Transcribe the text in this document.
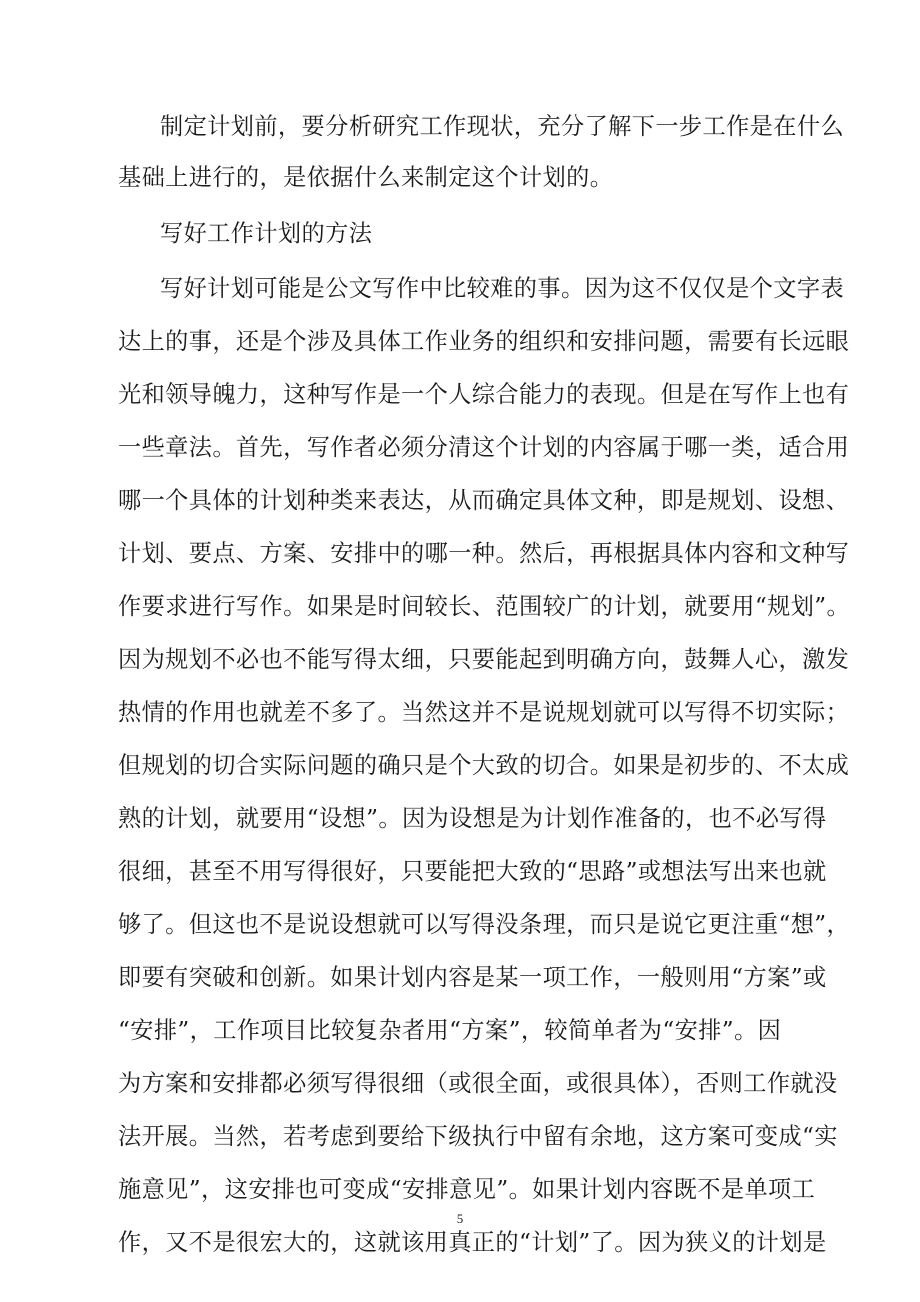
制定计划前，要分析研究工作现状，充分了解下一步工作是在什么
基础上进行的，是依据什么来制定这个计划的。
写好工作计划的方法
写好计划可能是公文写作中比较难的事。因为这不仅仅是个文字表
达上的事，还是个涉及具体工作业务的组织和安排问题，需要有长远眼
光和领导魄力，这种写作是一个人综合能力的表现。但是在写作上也有
一些章法。首先，写作者必须分清这个计划的内容属于哪一类，适合用
哪一个具体的计划种类来表达，从而确定具体文种，即是规划、设想、
计划、要点、方案、安排中的哪一种。然后，再根据具体内容和文种写
作要求进行写作。如果是时间较长、范围较广的计划，就要用“规划”。
因为规划不必也不能写得太细，只要能起到明确方向，鼓舞人心，激发
热情的作用也就差不多了。当然这并不是说规划就可以写得不切实际；
但规划的切合实际问题的确只是个大致的切合。如果是初步的、不太成
熟的计划，就要用“设想”。因为设想是为计划作准备的，也不必写得
很细，甚至不用写得很好，只要能把大致的“思路”或想法写出来也就
够了。但这也不是说设想就可以写得没条理，而只是说它更注重“想”，
即要有突破和创新。如果计划内容是某一项工作，一般则用“方案”或
“安排”，工作项目比较复杂者用“方案”，较简单者为“安排”。因
为方案和安排都必须写得很细（或很全面，或很具体），否则工作就没
法开展。当然，若考虑到要给下级执行中留有余地，这方案可变成“实
施意见”，这安排也可变成“安排意见”。如果计划内容既不是单项工
作，又不是很宏大的，这就该用真正的“计划”了。因为狭义的计划是
5
